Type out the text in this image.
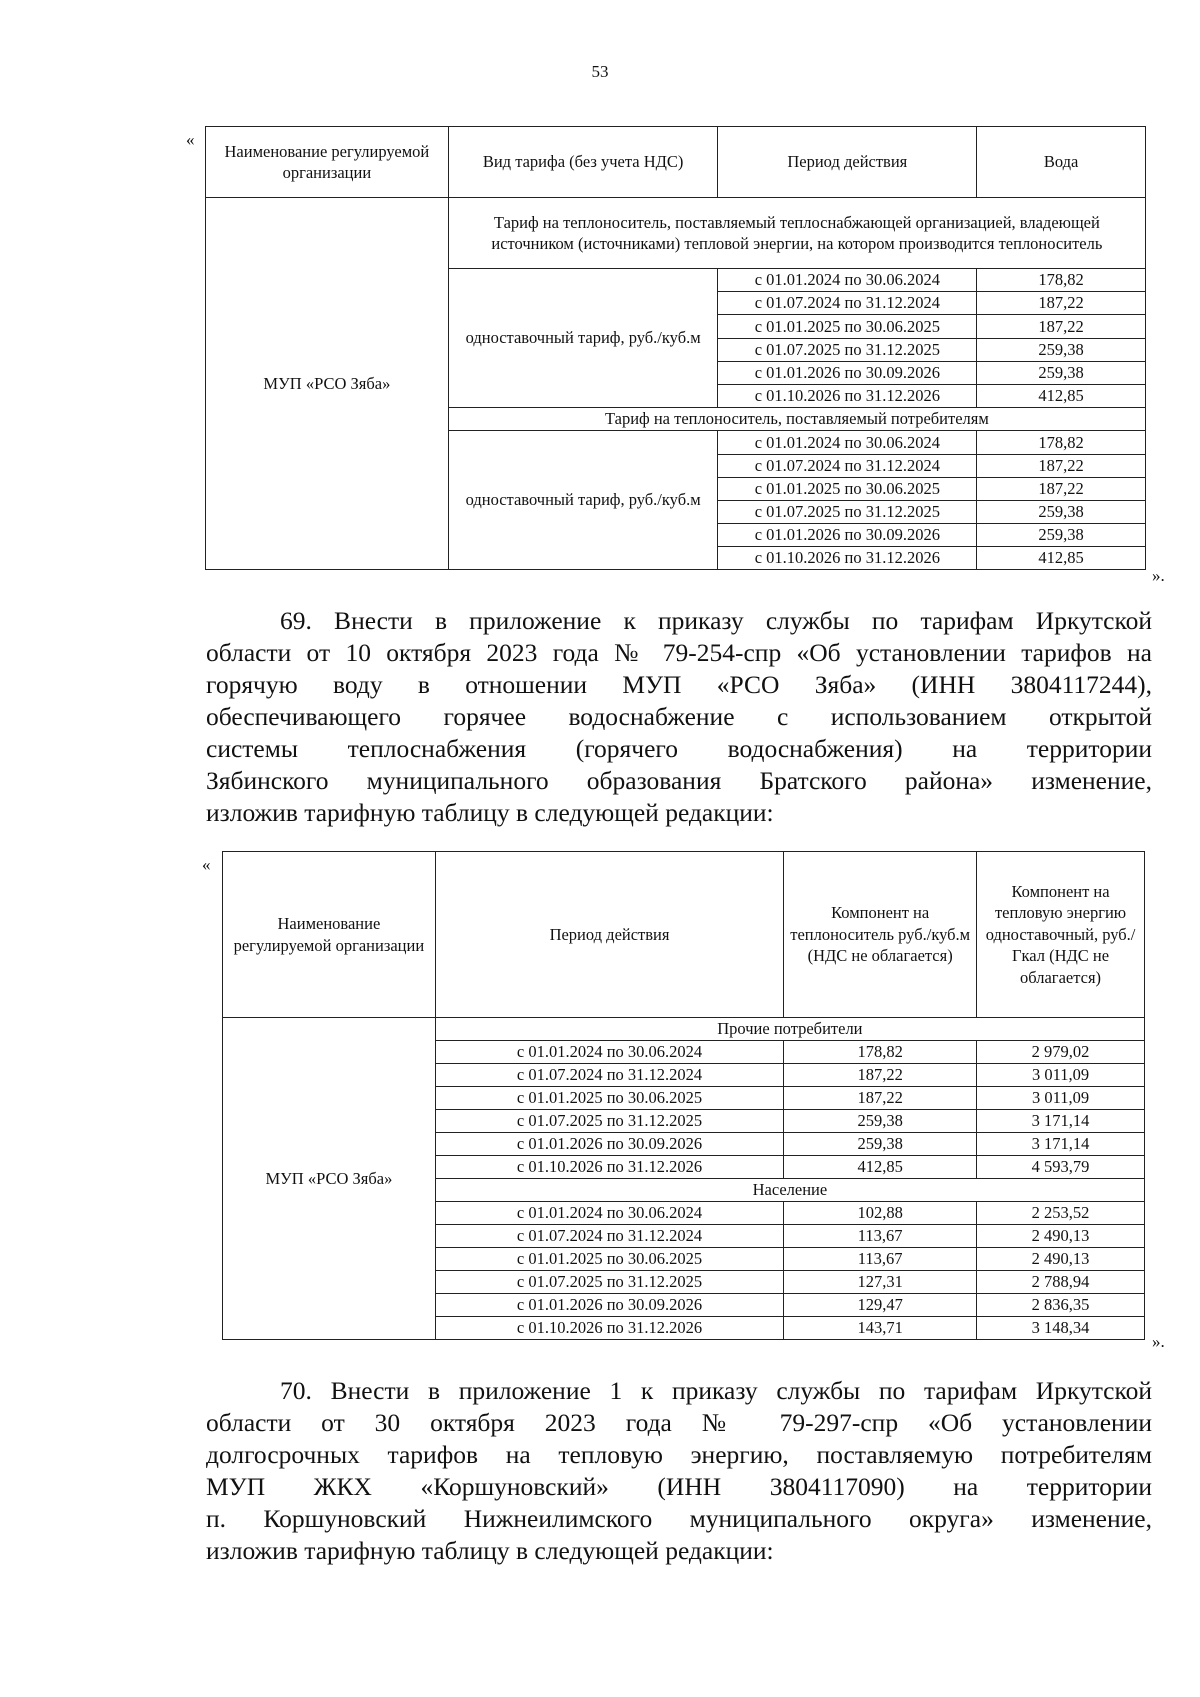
53
«
Наименование регулируемой организации	Вид тарифа (без учета НДС)	Период действия	Вода
МУП «РСО Зяба»	Тариф на теплоноситель, поставляемый теплоснабжающей организацией, владеющей источником (источниками) тепловой энергии, на котором производится теплоноситель		
	одноставочный тариф, руб./куб.м	с 01.01.2024 по 30.06.2024	178,82
		с 01.07.2024 по 31.12.2024	187,22
		с 01.01.2025 по 30.06.2025	187,22
		с 01.07.2025 по 31.12.2025	259,38
		с 01.01.2026 по 30.09.2026	259,38
		с 01.10.2026 по 31.12.2026	412,85
	Тариф на теплоноситель, поставляемый потребителям		
	одноставочный тариф, руб./куб.м	с 01.01.2024 по 30.06.2024	178,82
		с 01.07.2024 по 31.12.2024	187,22
		с 01.01.2025 по 30.06.2025	187,22
		с 01.07.2025 по 31.12.2025	259,38
		с 01.01.2026 по 30.09.2026	259,38
		с 01.10.2026 по 31.12.2026	412,85
».
69. Внести в приложение к приказу службы по тарифам Иркутской
области от 10 октября 2023 года № 79-254-спр «Об установлении тарифов на
горячую воду в отношении МУП «РСО Зяба» (ИНН 3804117244),
обеспечивающего горячее водоснабжение с использованием открытой
системы теплоснабжения (горячего водоснабжения) на территории
Зябинского муниципального образования Братского района» изменение,
изложив тарифную таблицу в следующей редакции:
«
Наименование регулируемой организации	Период действия	Компонент на теплоноситель руб./куб.м (НДС не облагается)	Компонент на тепловую энергию одноставочный, руб./Гкал (НДС не облагается)
МУП «РСО Зяба»	Прочие потребители		
	с 01.01.2024 по 30.06.2024	178,82	2 979,02
	с 01.07.2024 по 31.12.2024	187,22	3 011,09
	с 01.01.2025 по 30.06.2025	187,22	3 011,09
	с 01.07.2025 по 31.12.2025	259,38	3 171,14
	с 01.01.2026 по 30.09.2026	259,38	3 171,14
	с 01.10.2026 по 31.12.2026	412,85	4 593,79
	Население		
	с 01.01.2024 по 30.06.2024	102,88	2 253,52
	с 01.07.2024 по 31.12.2024	113,67	2 490,13
	с 01.01.2025 по 30.06.2025	113,67	2 490,13
	с 01.07.2025 по 31.12.2025	127,31	2 788,94
	с 01.01.2026 по 30.09.2026	129,47	2 836,35
	с 01.10.2026 по 31.12.2026	143,71	3 148,34
».
70. Внести в приложение 1 к приказу службы по тарифам Иркутской
области от 30 октября 2023 года № 79-297-спр «Об установлении
долгосрочных тарифов на тепловую энергию, поставляемую потребителям
МУП ЖКХ «Коршуновский» (ИНН 3804117090) на территории
п. Коршуновский Нижнеилимского муниципального округа» изменение,
изложив тарифную таблицу в следующей редакции:
